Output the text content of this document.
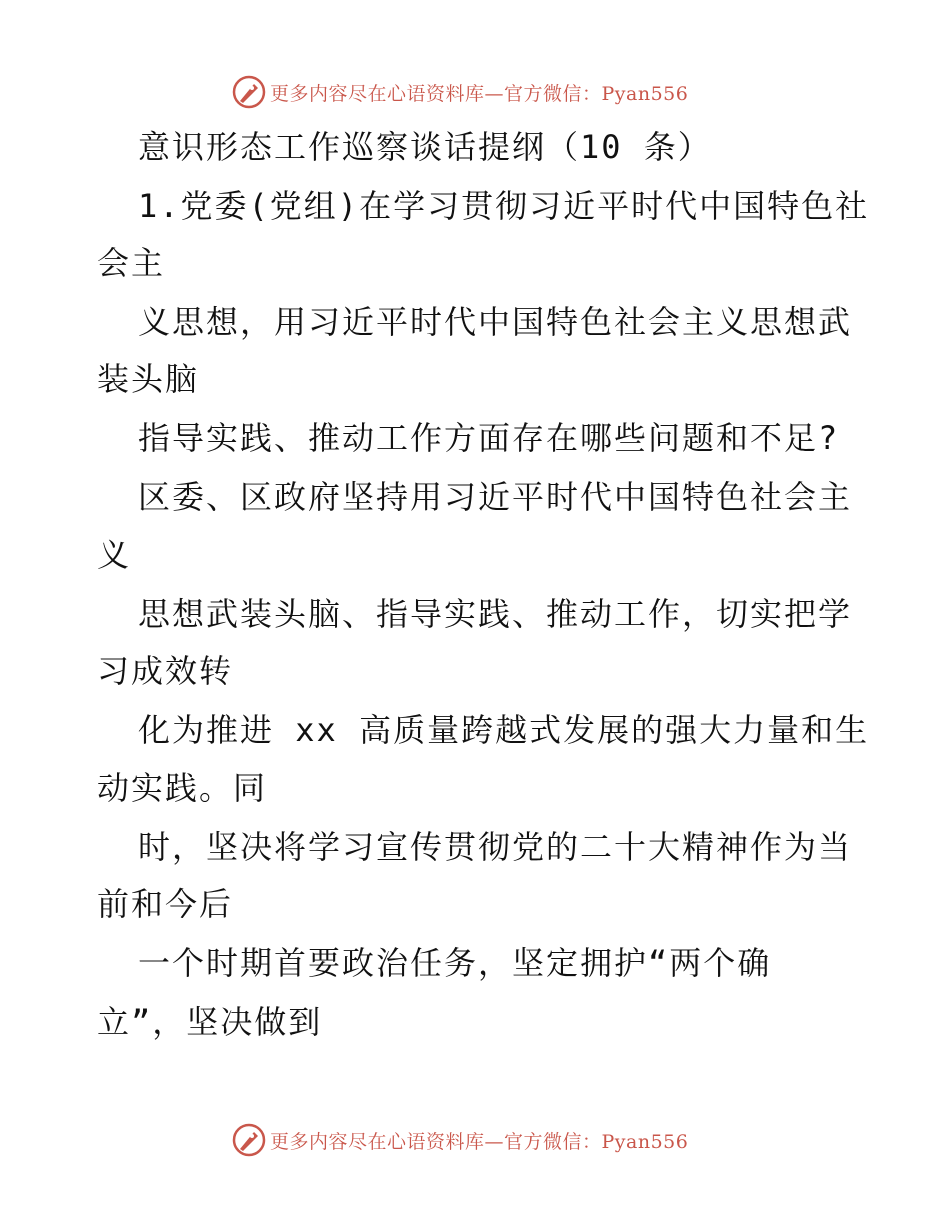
更多内容尽在心语资料库—官方微信：Pyan556
意识形态工作巡察谈话提纲（10 条）
1.党委(党组)在学习贯彻习近平时代中国特色社
会主
义思想，用习近平时代中国特色社会主义思想武
装头脑
指导实践、推动工作方面存在哪些问题和不足?
区委、区政府坚持用习近平时代中国特色社会主
义
思想武装头脑、指导实践、推动工作，切实把学
习成效转
化为推进 xx 高质量跨越式发展的强大力量和生
动实践。同
时，坚决将学习宣传贯彻党的二十大精神作为当
前和今后
一个时期首要政治任务，坚定拥护“两个确
立”，坚决做到
更多内容尽在心语资料库—官方微信：Pyan556
